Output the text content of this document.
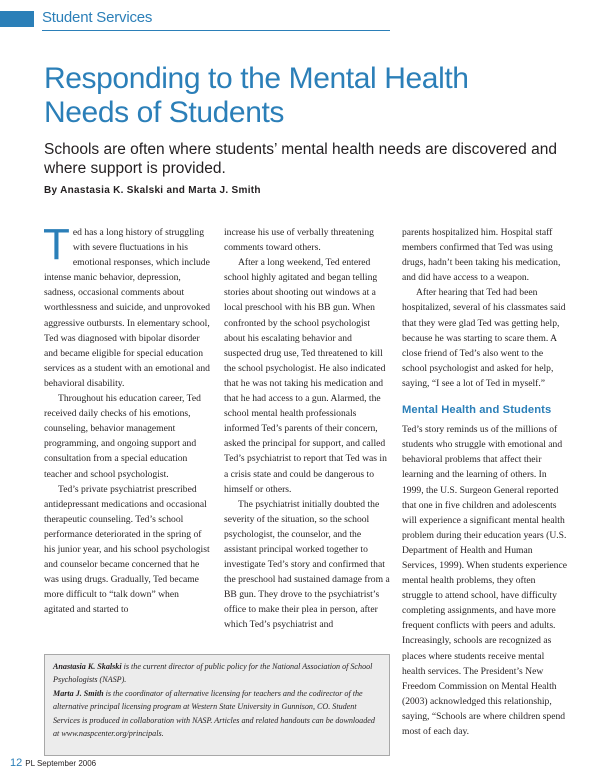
Student Services
Responding to the Mental Health
Needs of Students
Schools are often where students’ mental health needs are discovered and where support is provided.
By Anastasia K. Skalski and Marta J. Smith

Ted has a long history of struggling with severe fluctuations in his emotional responses, which include intense manic behavior, depression, sadness, occasional comments about worthlessness and suicide, and unprovoked aggressive outbursts. In elementary school, Ted was diagnosed with bipolar disorder and became eligible for special education services as a student with an emotional and behavioral disability.

Throughout his education career, Ted received daily checks of his emotions, counseling, behavior management programming, and ongoing support and consultation from a special education teacher and school psychologist.

Ted’s private psychiatrist prescribed antidepressant medications and occasional therapeutic counseling. Ted’s school performance deteriorated in the spring of his junior year, and his school psychologist and counselor became concerned that he was using drugs. Gradually, Ted became more difficult to “talk down” when agitated and started to

increase his use of verbally threatening comments toward others.

After a long weekend, Ted entered school highly agitated and began telling stories about shooting out windows at a local preschool with his BB gun. When confronted by the school psychologist about his escalating behavior and suspected drug use, Ted threatened to kill the school psychologist. He also indicated that he was not taking his medication and that he had access to a gun. Alarmed, the school mental health professionals informed Ted’s parents of their concern, asked the principal for support, and called Ted’s psychiatrist to report that Ted was in a crisis state and could be dangerous to himself or others.

The psychiatrist initially doubted the severity of the situation, so the school psychologist, the counselor, and the assistant principal worked together to investigate Ted’s story and confirmed that the preschool had sustained damage from a BB gun. They drove to the psychiatrist’s office to make their plea in person, after which Ted’s psychiatrist and

parents hospitalized him. Hospital staff members confirmed that Ted was using drugs, hadn’t been taking his medication, and did have access to a weapon.

After hearing that Ted had been hospitalized, several of his classmates said that they were glad Ted was getting help, because he was starting to scare them. A close friend of Ted’s also went to the school psychologist and asked for help, saying, “I see a lot of Ted in myself.”

Mental Health and Students

Ted’s story reminds us of the millions of students who struggle with emotional and behavioral problems that affect their learning and the learning of others. In 1999, the U.S. Surgeon General reported that one in five children and adolescents will experience a significant mental health problem during their education years (U.S. Department of Health and Human Services, 1999). When students experience mental health problems, they often struggle to attend school, have difficulty completing assignments, and have more frequent conflicts with peers and adults. Increasingly, schools are recognized as places where students receive mental health services. The President’s New Freedom Commission on Mental Health (2003) acknowledged this relationship, saying, “Schools are where children spend most of each day.

Anastasia K. Skalski is the current director of public policy for the National Association of School Psychologists (NASP).
Marta J. Smith is the coordinator of alternative licensing for teachers and the codirector of the alternative principal licensing program at Western State University in Gunnison, CO. Student Services is produced in collaboration with NASP. Articles and related handouts can be downloaded at www.naspcenter.org/principals.
12 PL September 2006
